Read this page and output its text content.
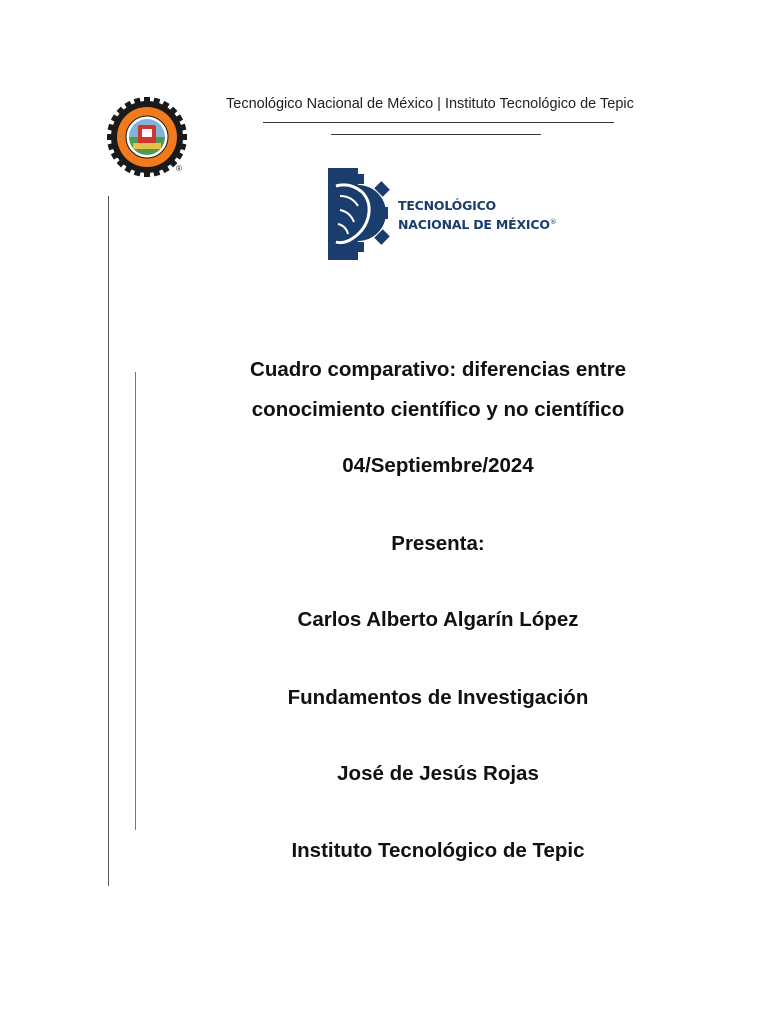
®
Tecnológico Nacional de México | Instituto Tecnológico de Tepic
TECNOLÓGICO
NACIONAL DE MÉXICO®
Cuadro comparativo: diferencias entre
conocimiento científico y no científico
04/Septiembre/2024
Presenta:
Carlos Alberto Algarín López
Fundamentos de Investigación
José de Jesús Rojas
Instituto Tecnológico de Tepic
